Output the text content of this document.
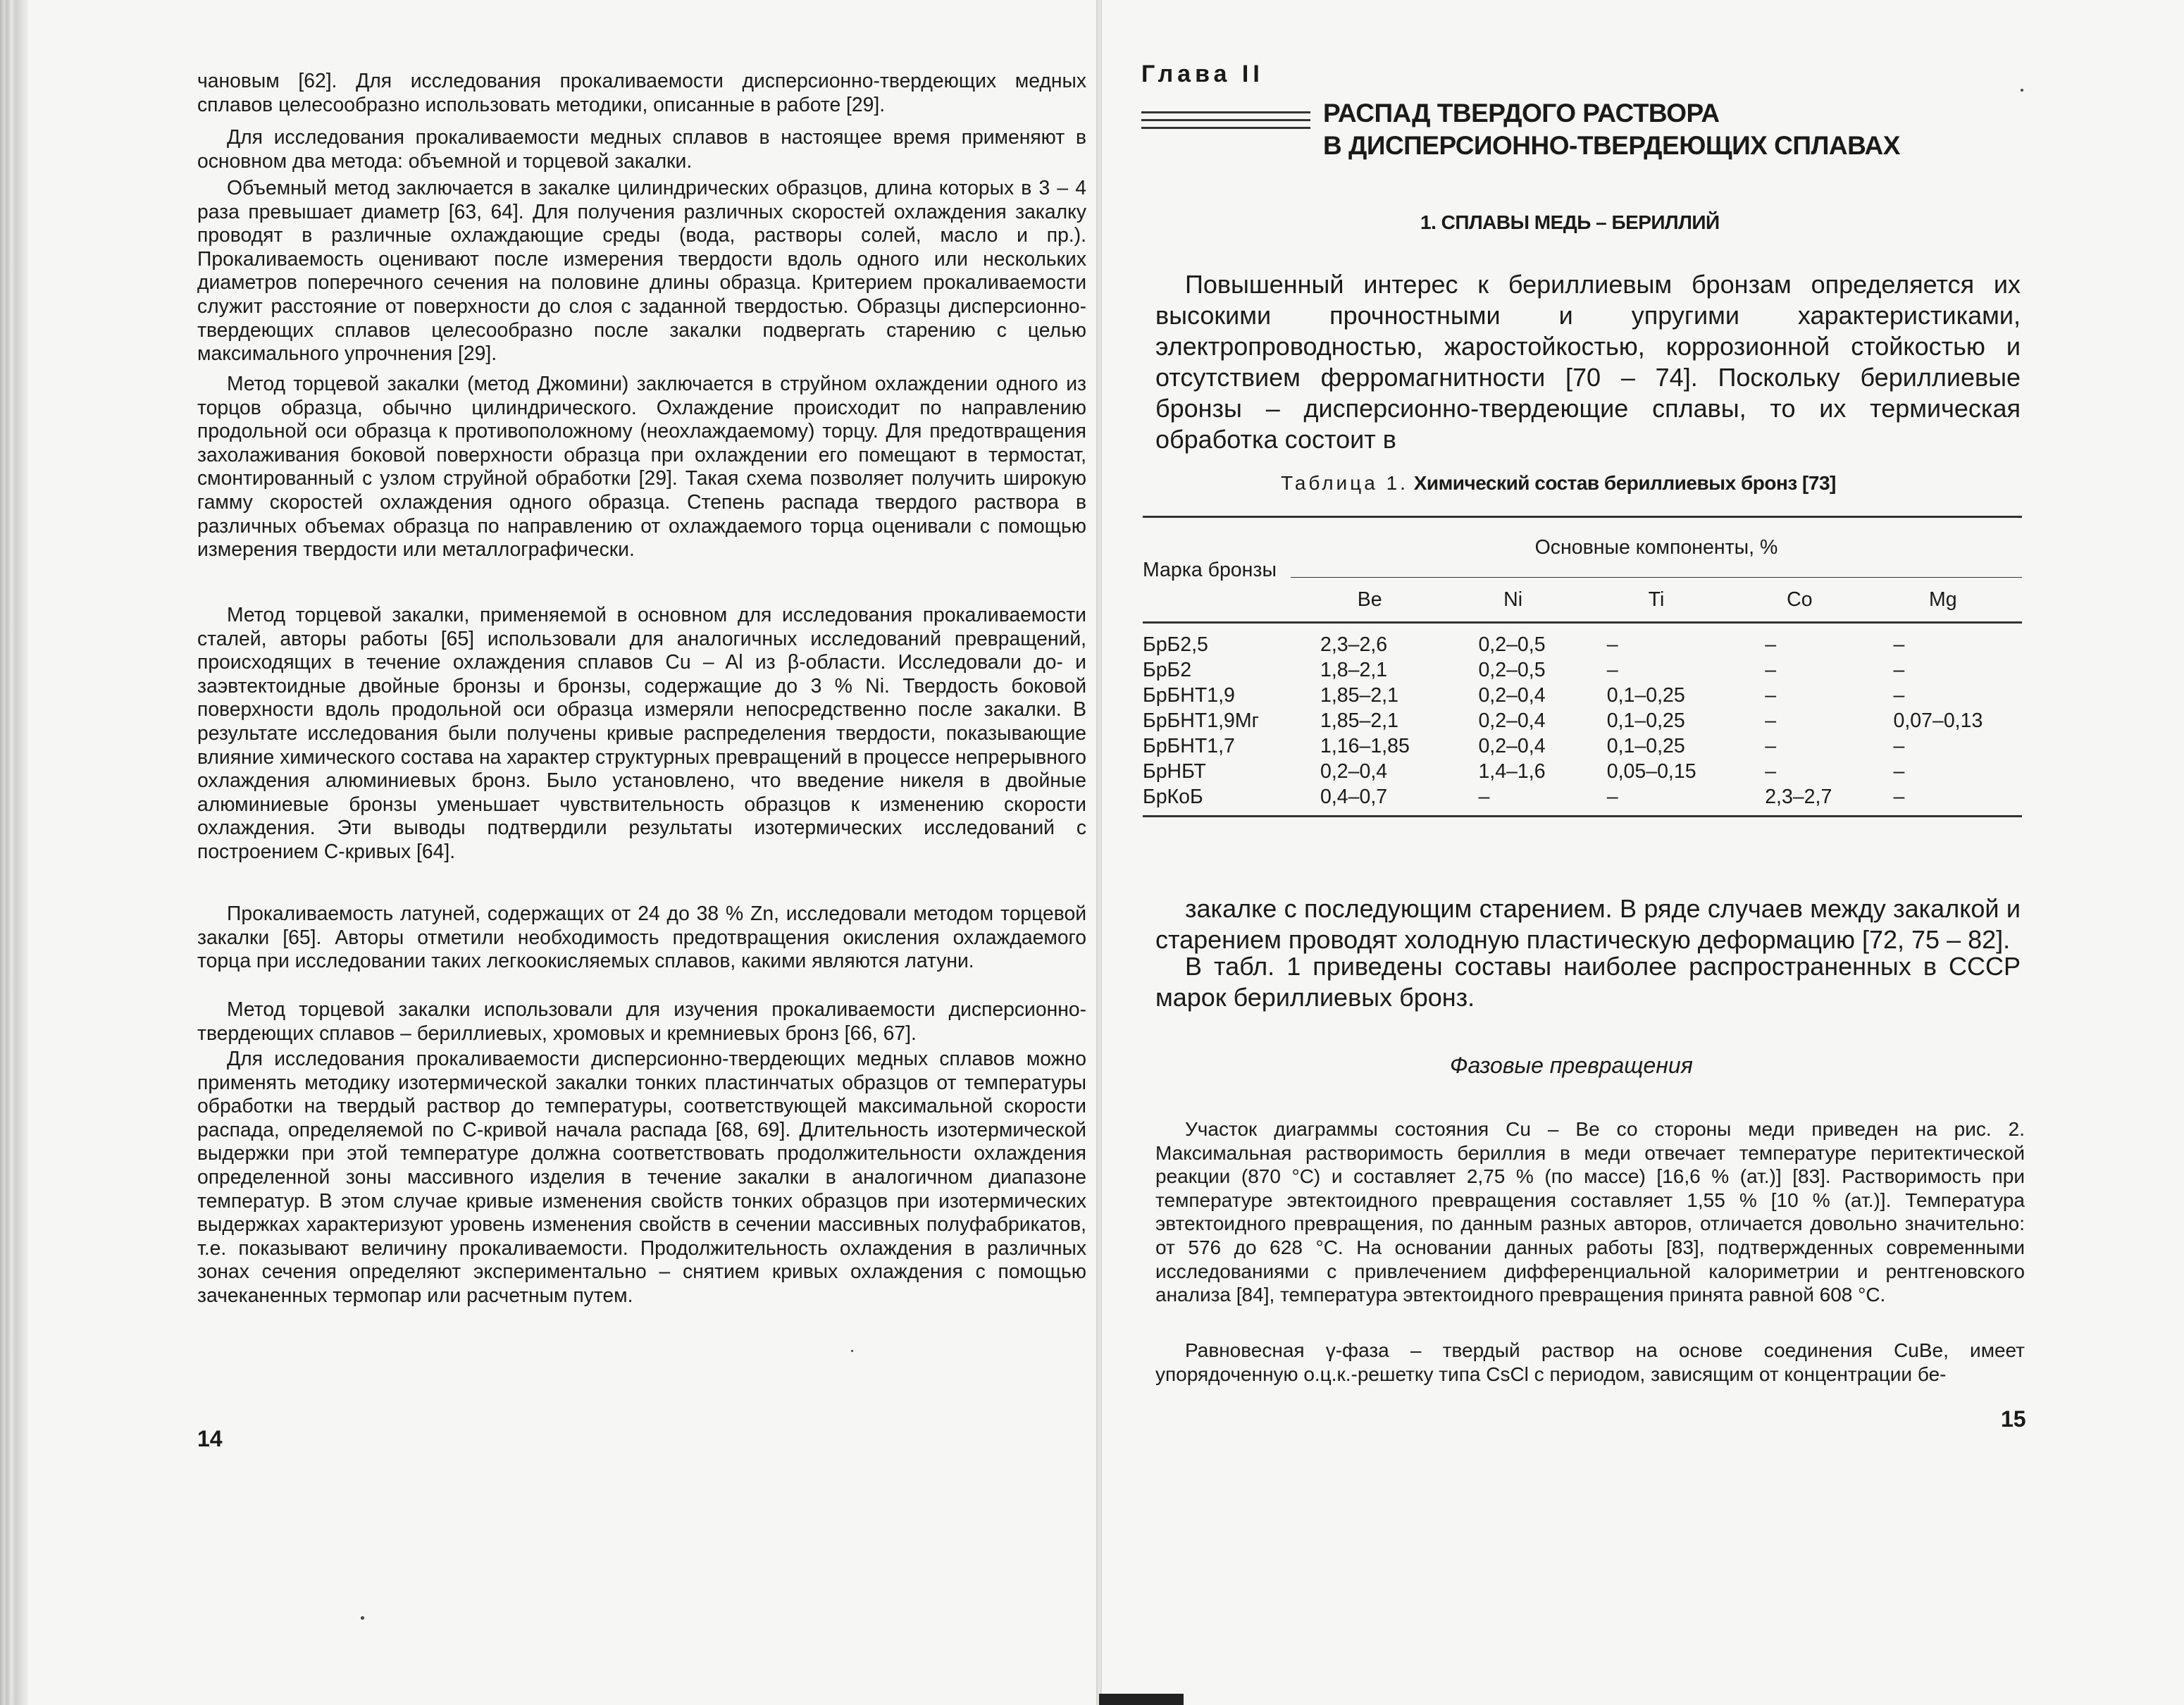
чановым [62]. Для исследования прокаливаемости дисперсионно-твердеющих медных сплавов целесообразно использовать методики, описанные в работе [29].

Для исследования прокаливаемости медных сплавов в настоящее время применяют в основном два метода: объемной и торцевой закалки.

Объемный метод заключается в закалке цилиндрических образцов, длина которых в 3 – 4 раза превышает диаметр [63, 64]. Для получения различных скоростей охлаждения закалку проводят в различные охлаждающие среды (вода, растворы солей, масло и пр.). Прокаливаемость оценивают после измерения твердости вдоль одного или нескольких диаметров поперечного сечения на половине длины образца. Критерием прокаливаемости служит расстояние от поверхности до слоя с заданной твердостью. Образцы дисперсионно-твердеющих сплавов целесообразно после закалки подвергать старению с целью максимального упрочнения [29].

Метод торцевой закалки (метод Джомини) заключается в струйном охлаждении одного из торцов образца, обычно цилиндрического. Охлаждение происходит по направлению продольной оси образца к противоположному (неохлаждаемому) торцу. Для предотвращения захолаживания боковой поверхности образца при охлаждении его помещают в термостат, смонтированный с узлом струйной обработки [29]. Такая схема позволяет получить широкую гамму скоростей охлаждения одного образца. Степень распада твердого раствора в различных объемах образца по направлению от охлаждаемого торца оценивали с помощью измерения твердости или металлографически.

Метод торцевой закалки, применяемой в основном для исследования прокаливаемости сталей, авторы работы [65] использовали для аналогичных исследований превращений, происходящих в течение охлаждения сплавов Cu – Al из β-области. Исследовали до- и заэвтектоидные двойные бронзы и бронзы, содержащие до 3 % Ni. Твердость боковой поверхности вдоль продольной оси образца измеряли непосредственно после закалки. В результате исследования были получены кривые распределения твердости, показывающие влияние химического состава на характер структурных превращений в процессе непрерывного охлаждения алюминиевых бронз. Было установлено, что введение никеля в двойные алюминиевые бронзы уменьшает чувствительность образцов к изменению скорости охлаждения. Эти выводы подтвердили результаты изотермических исследований с построением С-кривых [64].

Прокаливаемость латуней, содержащих от 24 до 38 % Zn, исследовали методом торцевой закалки [65]. Авторы отметили необходимость предотвращения окисления охлаждаемого торца при исследовании таких легкоокисляемых сплавов, какими являются латуни.

Метод торцевой закалки использовали для изучения прокаливаемости дисперсионно-твердеющих сплавов – бериллиевых, хромовых и кремниевых бронз [66, 67].

Для исследования прокаливаемости дисперсионно-твердеющих медных сплавов можно применять методику изотермической закалки тонких пластинчатых образцов от температуры обработки на твердый раствор до температуры, соответствующей максимальной скорости распада, определяемой по С-кривой начала распада [68, 69]. Длительность изотермической выдержки при этой температуре должна соответствовать продолжительности охлаждения определенной зоны массивного изделия в течение закалки в аналогичном диапазоне температур. В этом случае кривые изменения свойств тонких образцов при изотермических выдержках характеризуют уровень изменения свойств в сечении массивных полуфабрикатов, т.е. показывают величину прокаливаемости. Продолжительность охлаждения в различных зонах сечения определяют экспериментально – снятием кривых охлаждения с помощью зачеканенных термопар или расчетным путем.

14
Глава II
РАСПАД ТВЕРДОГО РАСТВОРА
В ДИСПЕРСИОННО-ТВЕРДЕЮЩИХ СПЛАВАХ
1. СПЛАВЫ МЕДЬ – БЕРИЛЛИЙ

Повышенный интерес к бериллиевым бронзам определяется их высокими прочностными и упругими характеристиками, электропроводностью, жаростойкостью, коррозионной стойкостью и отсутствием ферромагнитности [70 – 74]. Поскольку бериллиевые бронзы – дисперсионно-твердеющие сплавы, то их термическая обработка состоит в

Таблица 1. Химический состав бериллиевых бронз [73]
Марка бронзы	Основные компоненты, %				
	Be	Ni	Ti	Co	Mg
БрБ2,5	2,3–2,6	0,2–0,5	–	–	–
БрБ2	1,8–2,1	0,2–0,5	–	–	–
БрБНТ1,9	1,85–2,1	0,2–0,4	0,1–0,25	–	–
БрБНТ1,9Мг	1,85–2,1	0,2–0,4	0,1–0,25	–	0,07–0,13
БрБНТ1,7	1,16–1,85	0,2–0,4	0,1–0,25	–	–
БрНБТ	0,2–0,4	1,4–1,6	0,05–0,15	–	–
БрКоБ	0,4–0,7	–	–	2,3–2,7	–

закалке с последующим старением. В ряде случаев между закалкой и старением проводят холодную пластическую деформацию [72, 75 – 82].

В табл. 1 приведены составы наиболее распространенных в СССР марок бериллиевых бронз.

Фазовые превращения

Участок диаграммы состояния Cu – Be со стороны меди приведен на рис. 2. Максимальная растворимость бериллия в меди отвечает температуре перитектической реакции (870 °С) и составляет 2,75 % (по массе) [16,6 % (ат.)] [83]. Растворимость при температуре эвтектоидного превращения составляет 1,55 % [10 % (ат.)]. Температура эвтектоидного превращения, по данным разных авторов, отличается довольно значительно: от 576 до 628 °С. На основании данных работы [83], подтвержденных современными исследованиями с привлечением дифференциальной калориметрии и рентгеновского анализа [84], температура эвтектоидного превращения принята равной 608 °С.

Равновесная γ-фаза – твердый раствор на основе соединения CuBe, имеет упорядоченную о.ц.к.-решетку типа CsCl с периодом, зависящим от концентрации бе-

15
